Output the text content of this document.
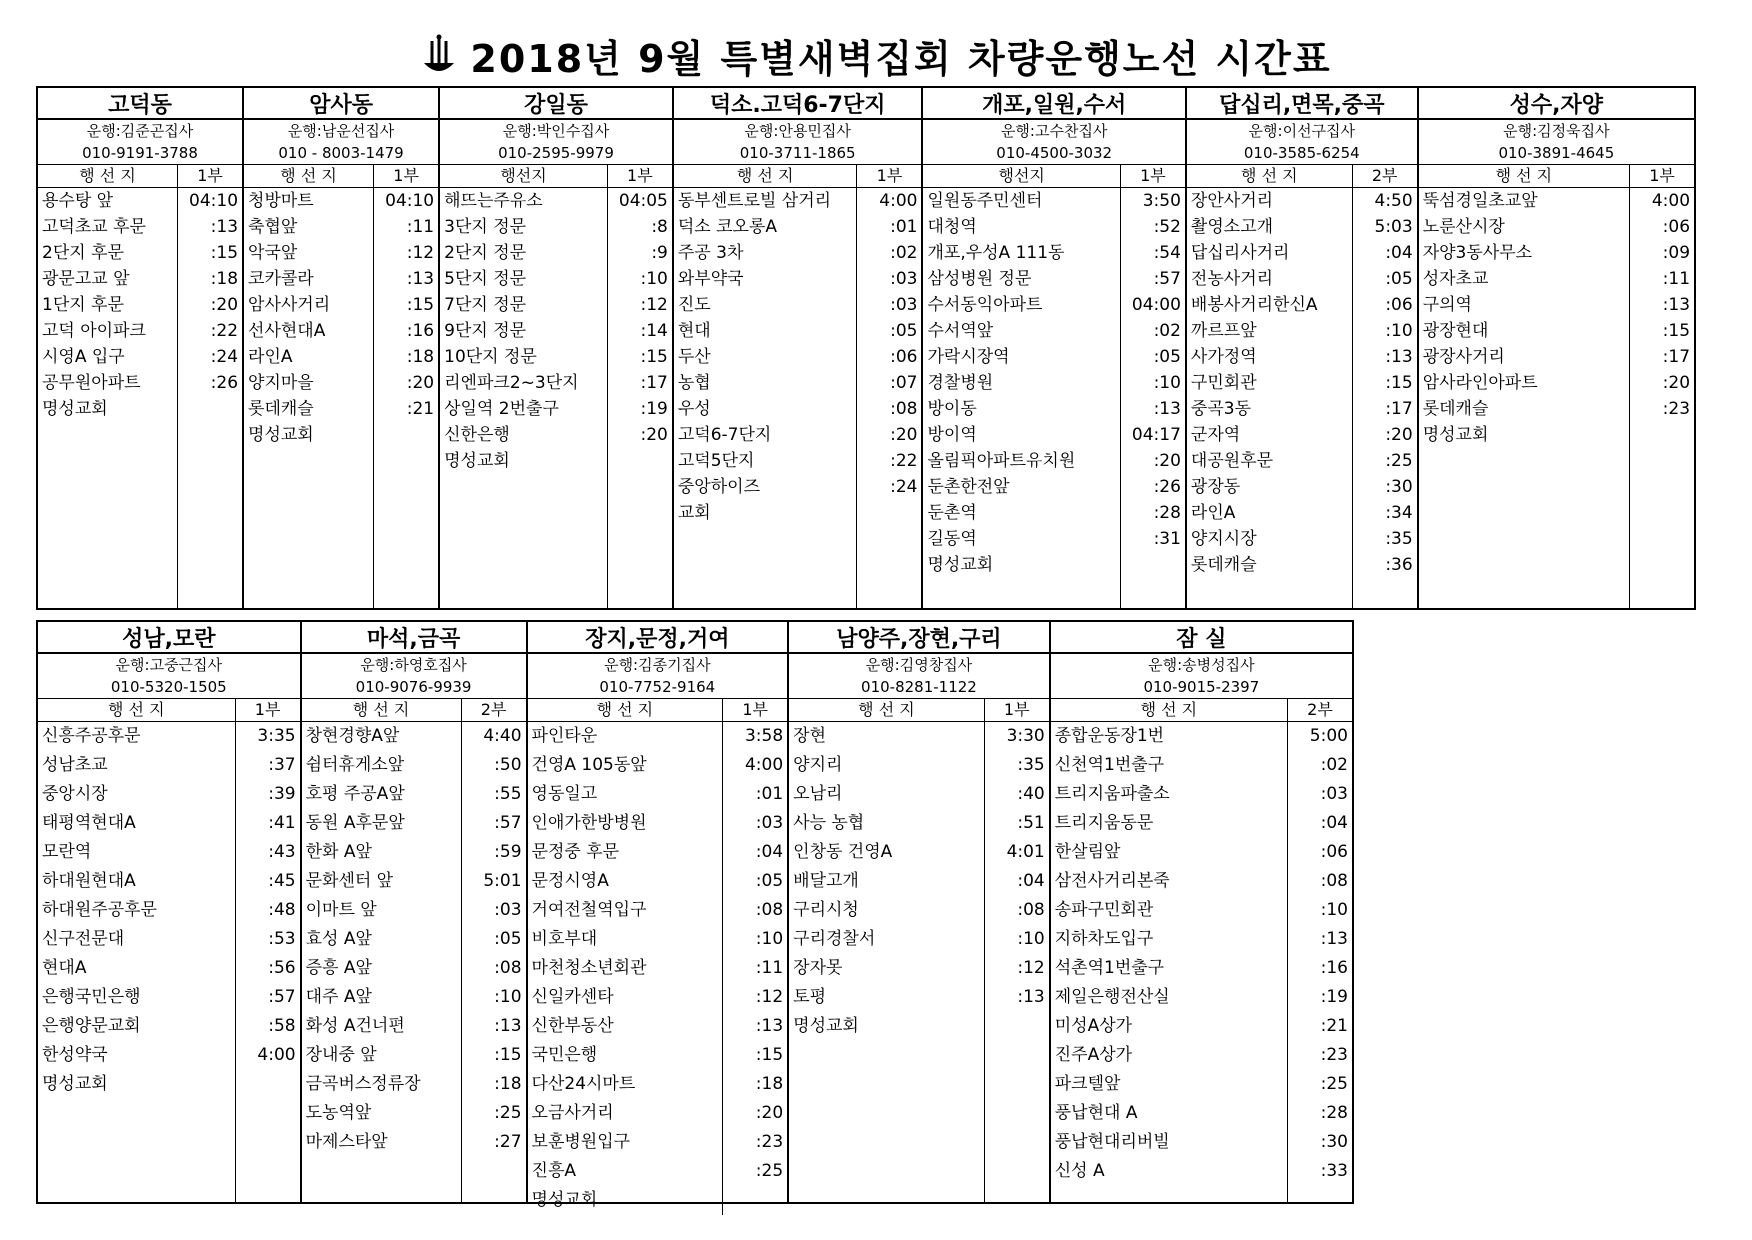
2018년 9월 특별새벽집회 차량운행노선 시간표
고덕동
운행:김준곤집사
010-9191-3788
행 선 지
용수탕 앞
고덕초교 후문
2단지 후문
광문고교 앞
1단지 후문
고덕 아이파크
시영A 입구
공무원아파트
명성교회
1부
04:10
:13
:15
:18
:20
:22
:24
:26
암사동
운행:남운선집사
010 - 8003-1479
행 선 지
청방마트
축협앞
악국앞
코카콜라
암사사거리
선사현대A
라인A
양지마을
롯데캐슬
명성교회
1부
04:10
:11
:12
:13
:15
:16
:18
:20
:21
강일동
운행:박인수집사
010-2595-9979
행선지
해뜨는주유소
3단지 정문
2단지 정문
5단지 정문
7단지 정문
9단지 정문
10단지 정문
리엔파크2~3단지
상일역 2번출구
신한은행
명성교회
1부
04:05
:8
:9
:10
:12
:14
:15
:17
:19
:20
덕소.고덕6-7단지
운행:안용민집사
010-3711-1865
행 선 지
동부센트로빌 삼거리
덕소 코오롱A
주공 3차
와부약국
진도
현대
두산
농협
우성
고덕6-7단지
고덕5단지
중앙하이즈
교회
1부
4:00
:01
:02
:03
:03
:05
:06
:07
:08
:20
:22
:24
개포,일원,수서
운행:고수찬집사
010-4500-3032
행선지
일원동주민센터
대청역
개포,우성A 111동
삼성병원 정문
수서동익아파트
수서역앞
가락시장역
경찰병원
방이동
방이역
올림픽아파트유치원
둔촌한전앞
둔촌역
길동역
명성교회
1부
3:50
:52
:54
:57
04:00
:02
:05
:10
:13
04:17
:20
:26
:28
:31
답십리,면목,중곡
운행:이선구집사
010-3585-6254
행 선 지
장안사거리
촬영소고개
답십리사거리
전농사거리
배봉사거리한신A
까르프앞
사가정역
구민회관
중곡3동
군자역
대공원후문
광장동
라인A
양지시장
롯데캐슬
2부
4:50
5:03
:04
:05
:06
:10
:13
:15
:17
:20
:25
:30
:34
:35
:36
성수,자양
운행:김정욱집사
010-3891-4645
행 선 지
뚝섬경일초교앞
노룬산시장
자양3동사무소
성자초교
구의역
광장현대
광장사거리
암사라인아파트
롯데캐슬
명성교회
1부
4:00
:06
:09
:11
:13
:15
:17
:20
:23
성남,모란
운행:고중근집사
010-5320-1505
행 선 지
신흥주공후문
성남초교
중앙시장
태평역현대A
모란역
하대원현대A
하대원주공후문
신구전문대
현대A
은행국민은행
은행양문교회
한성약국
명성교회
1부
3:35
:37
:39
:41
:43
:45
:48
:53
:56
:57
:58
4:00
마석,금곡
운행:하영호집사
010-9076-9939
행 선 지
창현경향A앞
쉼터휴게소앞
호평 주공A앞
동원 A후문앞
한화 A앞
문화센터 앞
이마트 앞
효성 A앞
증흥 A앞
대주 A앞
화성 A건너편
장내중 앞
금곡버스정류장
도농역앞
마제스타앞
2부
4:40
:50
:55
:57
:59
5:01
:03
:05
:08
:10
:13
:15
:18
:25
:27
장지,문정,거여
운행:김종기집사
010-7752-9164
행 선 지
파인타운
건영A 105동앞
영동일고
인애가한방병원
문정중 후문
문정시영A
거여전철역입구
비호부대
마천청소년회관
신일카센타
신한부동산
국민은행
다산24시마트
오금사거리
보훈병원입구
진흥A
명성교회
1부
3:58
4:00
:01
:03
:04
:05
:08
:10
:11
:12
:13
:15
:18
:20
:23
:25
남양주,장현,구리
운행:김영창집사
010-8281-1122
행 선 지
장현
양지리
오남리
사능 농협
인창동 건영A
배달고개
구리시청
구리경찰서
장자못
토평
명성교회
1부
3:30
:35
:40
:51
4:01
:04
:08
:10
:12
:13
잠 실
운행:송병성집사
010-9015-2397
행 선 지
종합운동장1번
신천역1번출구
트리지움파출소
트리지움동문
한살림앞
삼전사거리본죽
송파구민회관
지하차도입구
석촌역1번출구
제일은행전산실
미성A상가
진주A상가
파크텔앞
풍납현대 A
풍납현대리버빌
신성 A
2부
5:00
:02
:03
:04
:06
:08
:10
:13
:16
:19
:21
:23
:25
:28
:30
:33
